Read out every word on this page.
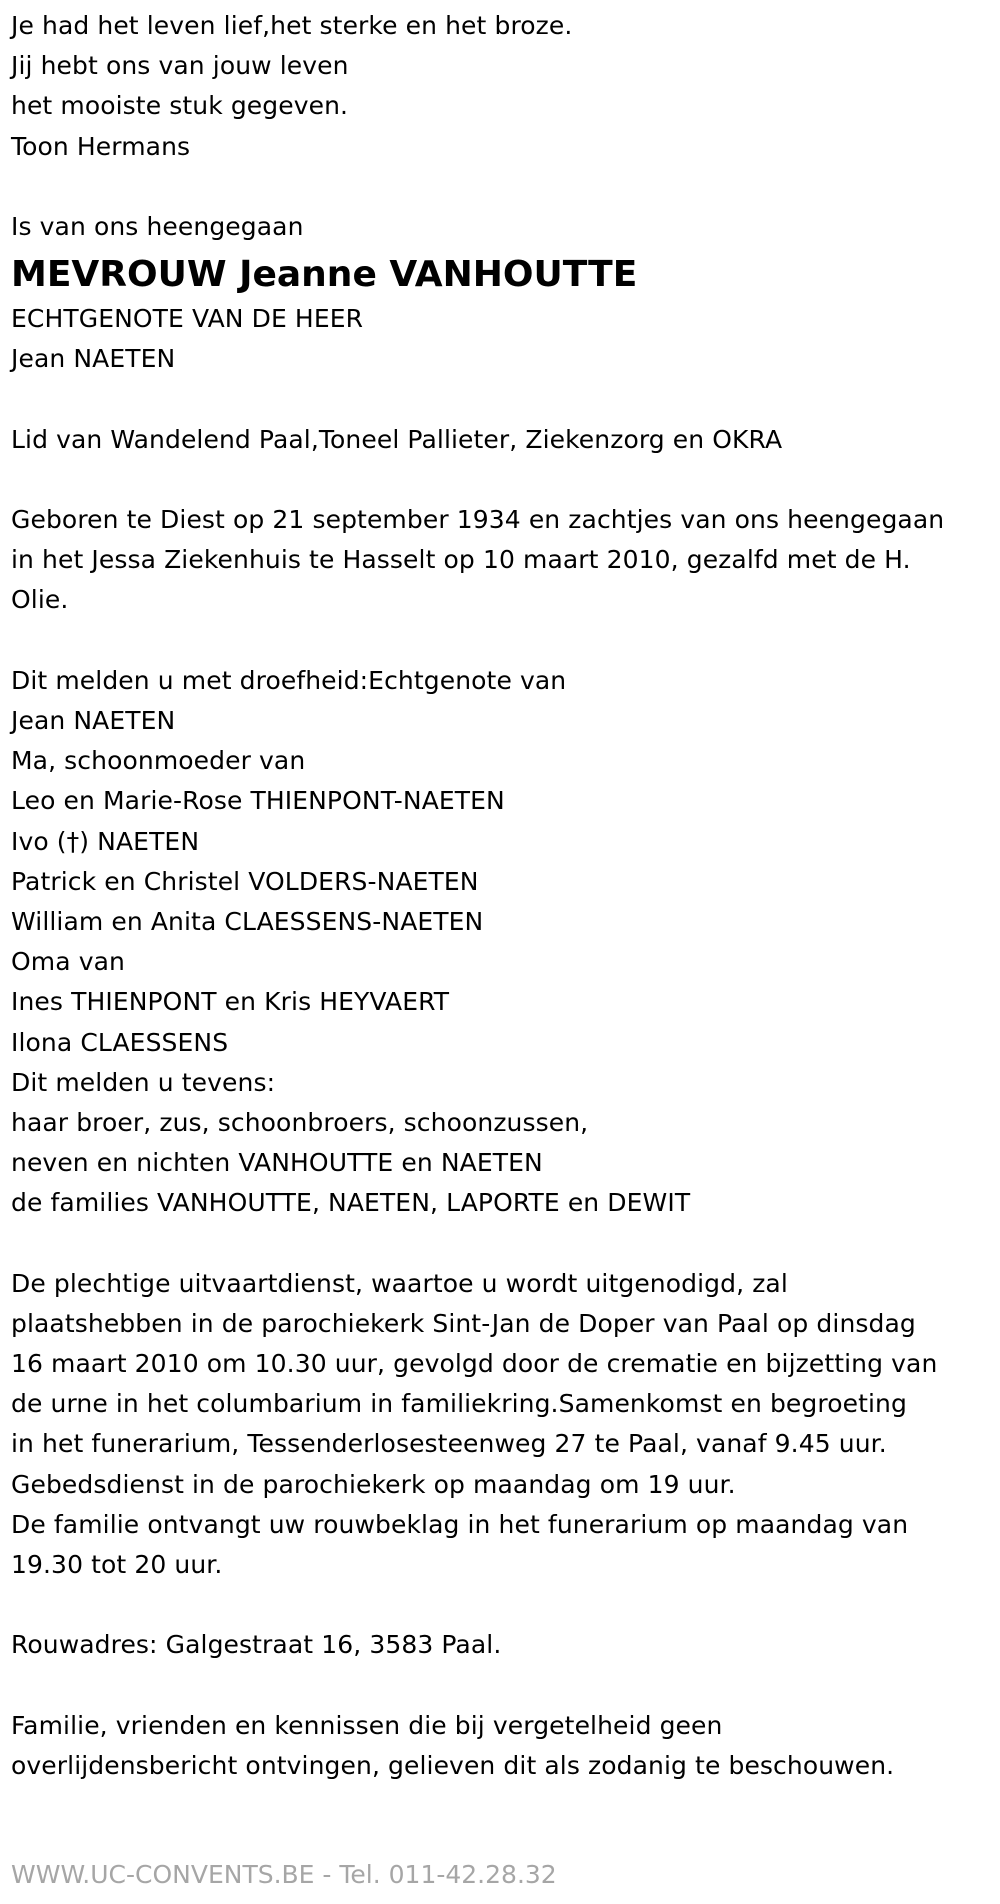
Je had het leven lief,het sterke en het broze.
Jij hebt ons van jouw leven
het mooiste stuk gegeven.
Toon Hermans
Is van ons heengegaan
MEVROUW Jeanne VANHOUTTE
ECHTGENOTE VAN DE HEER
Jean NAETEN
Lid van Wandelend Paal,Toneel Pallieter, Ziekenzorg en OKRA
Geboren te Diest op 21 september 1934 en zachtjes van ons heengegaan
in het Jessa Ziekenhuis te Hasselt op 10 maart 2010, gezalfd met de H.
Olie.
Dit melden u met droefheid:Echtgenote van
Jean NAETEN
Ma, schoonmoeder van
Leo en Marie-Rose THIENPONT-NAETEN
Ivo (†) NAETEN
Patrick en Christel VOLDERS-NAETEN
William en Anita CLAESSENS-NAETEN
Oma van
Ines THIENPONT en Kris HEYVAERT
Ilona CLAESSENS
Dit melden u tevens:
haar broer, zus, schoonbroers, schoonzussen,
neven en nichten VANHOUTTE en NAETEN
de families VANHOUTTE, NAETEN, LAPORTE en DEWIT
De plechtige uitvaartdienst, waartoe u wordt uitgenodigd, zal
plaatshebben in de parochiekerk Sint-Jan de Doper van Paal op dinsdag
16 maart 2010 om 10.30 uur, gevolgd door de crematie en bijzetting van
de urne in het columbarium in familiekring.Samenkomst en begroeting
in het funerarium, Tessenderlosesteenweg 27 te Paal, vanaf 9.45 uur.
Gebedsdienst in de parochiekerk op maandag om 19 uur.
De familie ontvangt uw rouwbeklag in het funerarium op maandag van
19.30 tot 20 uur.
Rouwadres: Galgestraat 16, 3583 Paal.
Familie, vrienden en kennissen die bij vergetelheid geen
overlijdensbericht ontvingen, gelieven dit als zodanig te beschouwen.
WWW.UC-CONVENTS.BE - Tel. 011-42.28.32
